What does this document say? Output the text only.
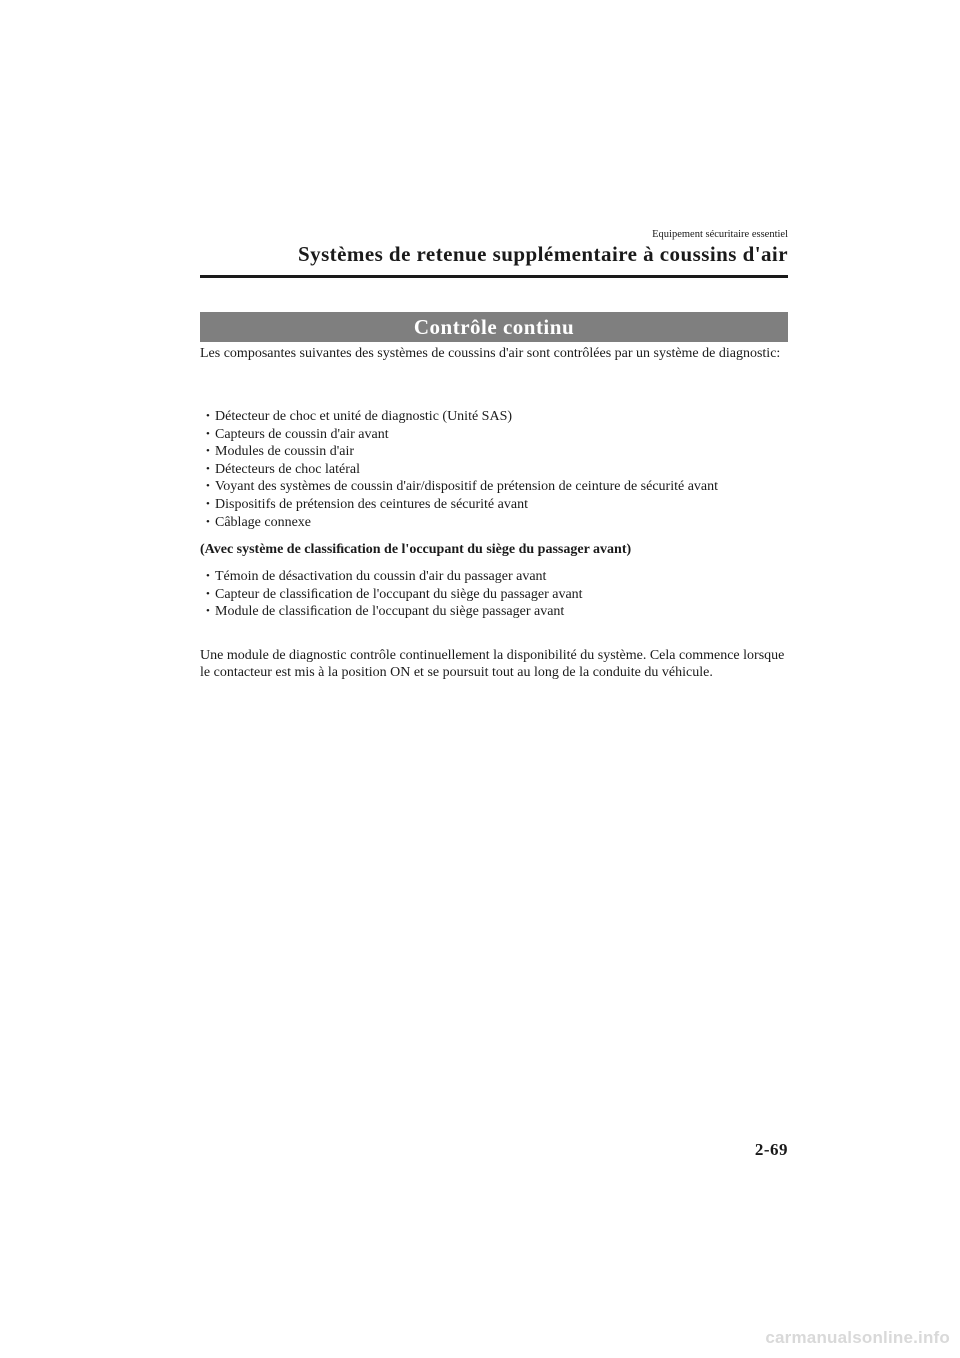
Equipement sécuritaire essentiel
Systèmes de retenue supplémentaire à coussins d'air
Contrôle continu
Les composantes suivantes des systèmes de coussins d'air sont contrôlées par un système de diagnostic:
• Détecteur de choc et unité de diagnostic (Unité SAS)
• Capteurs de coussin d'air avant
• Modules de coussin d'air
• Détecteurs de choc latéral
• Voyant des systèmes de coussin d'air/dispositif de prétension de ceinture de sécurité avant
• Dispositifs de prétension des ceintures de sécurité avant
• Câblage connexe
(Avec système de classiﬁcation de l'occupant du siège du passager avant)
• Témoin de désactivation du coussin d'air du passager avant
• Capteur de classiﬁcation de l'occupant du siège du passager avant
• Module de classiﬁcation de l'occupant du siège passager avant
Une module de diagnostic contrôle continuellement la disponibilité du système. Cela commence lorsque le contacteur est mis à la position ON et se poursuit tout au long de la conduite du véhicule.
2-69
carmanualsonline.info
